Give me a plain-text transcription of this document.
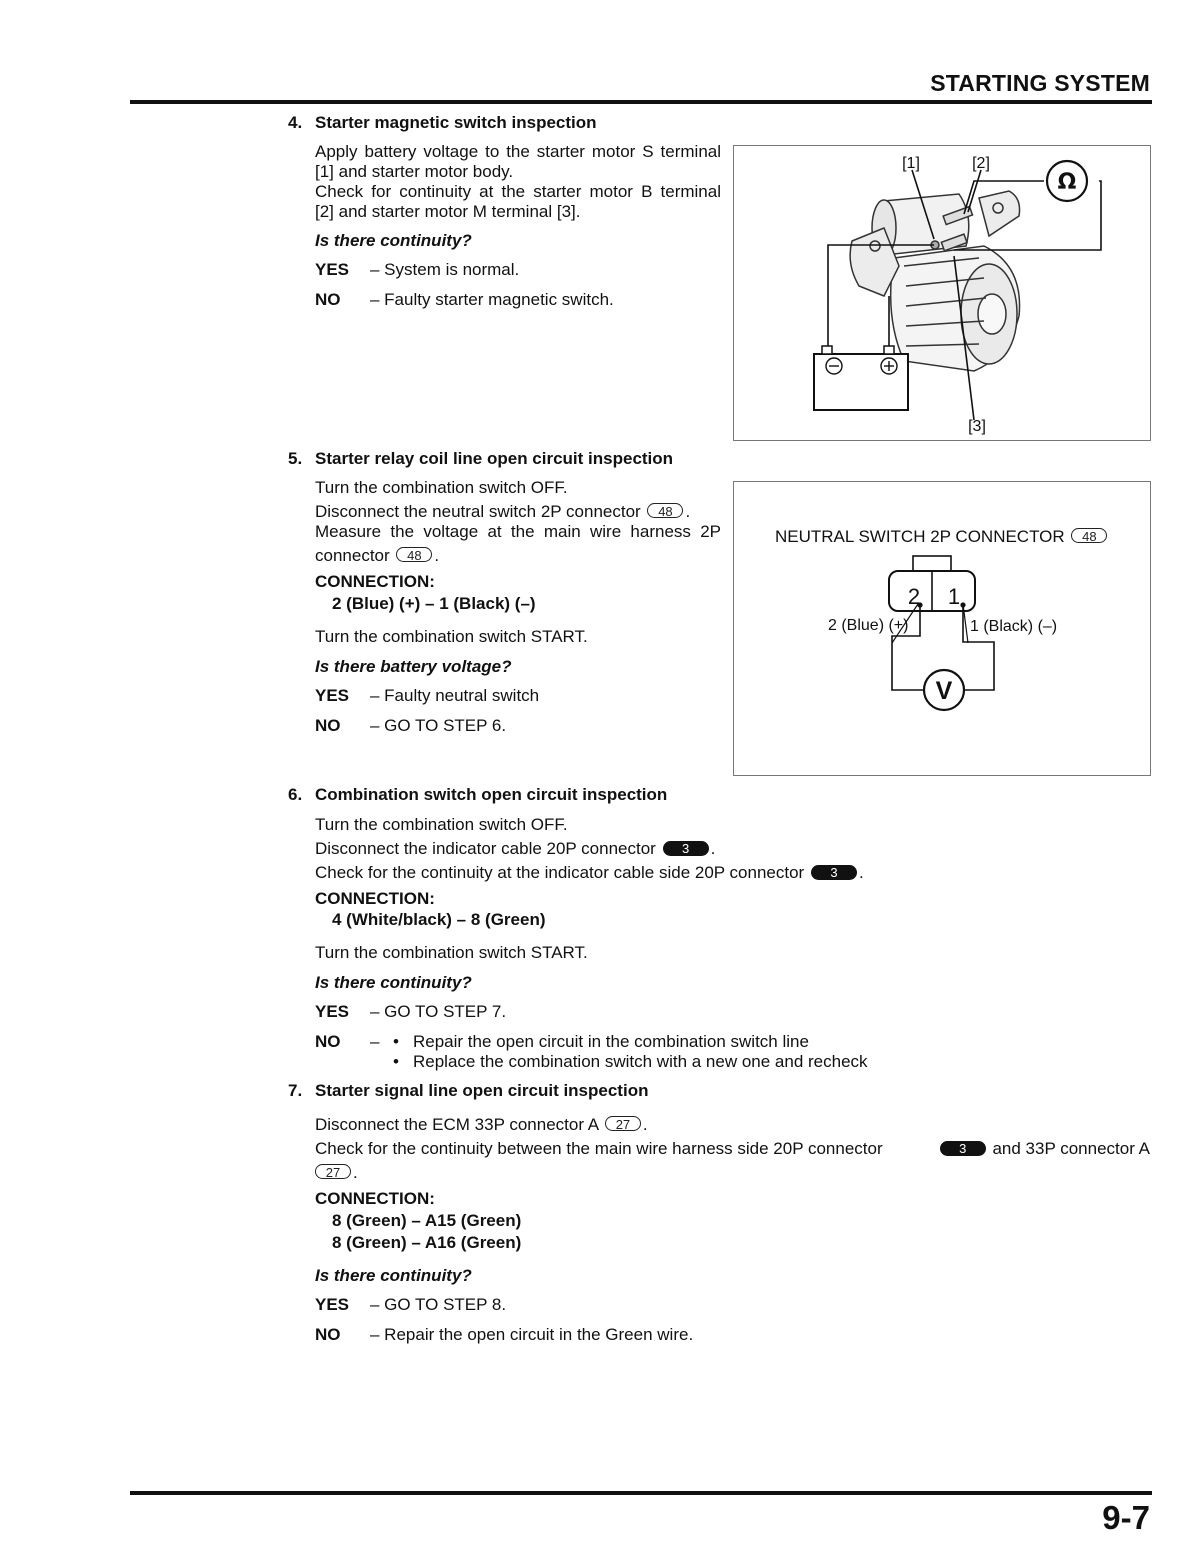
STARTING SYSTEM
4. Starter magnetic switch inspection
Apply battery voltage to the starter motor S terminal
[1] and starter motor body.
Check for continuity at the starter motor B terminal
[2] and starter motor M terminal [3].
Is there continuity?
YES – System is normal.
NO – Faulty starter magnetic switch.
Ω
[1]	[2]
[3]
5. Starter relay coil line open circuit inspection
Turn the combination switch OFF.
Disconnect the neutral switch 2P connector 48 .
Measure the voltage at the main wire harness 2P
connector 48 .
CONNECTION:
2 (Blue) (+) – 1 (Black) (–)
Turn the combination switch START.
Is there battery voltage?
YES – Faulty neutral switch
NO – GO TO STEP 6.
NEUTRAL SWITCH 2P CONNECTOR 48
2 1
2 (Blue) (+)	1 (Black) (–)
V
6. Combination switch open circuit inspection
Turn the combination switch OFF.
Disconnect the indicator cable 20P connector 3 .
Check for the continuity at the indicator cable side 20P connector 3 .
CONNECTION:
4 (White/black) – 8 (Green)
Turn the combination switch START.
Is there continuity?
YES – GO TO STEP 7.
NO – • Repair the open circuit in the combination switch line
• Replace the combination switch with a new one and recheck
7. Starter signal line open circuit inspection
Disconnect the ECM 33P connector A 27 .
Check for the continuity between the main wire harness side 20P connector	3 and 33P connector A
27 .
CONNECTION:
8 (Green) – A15 (Green)
8 (Green) – A16 (Green)
Is there continuity?
YES – GO TO STEP 8.
NO – Repair the open circuit in the Green wire.
9-7
